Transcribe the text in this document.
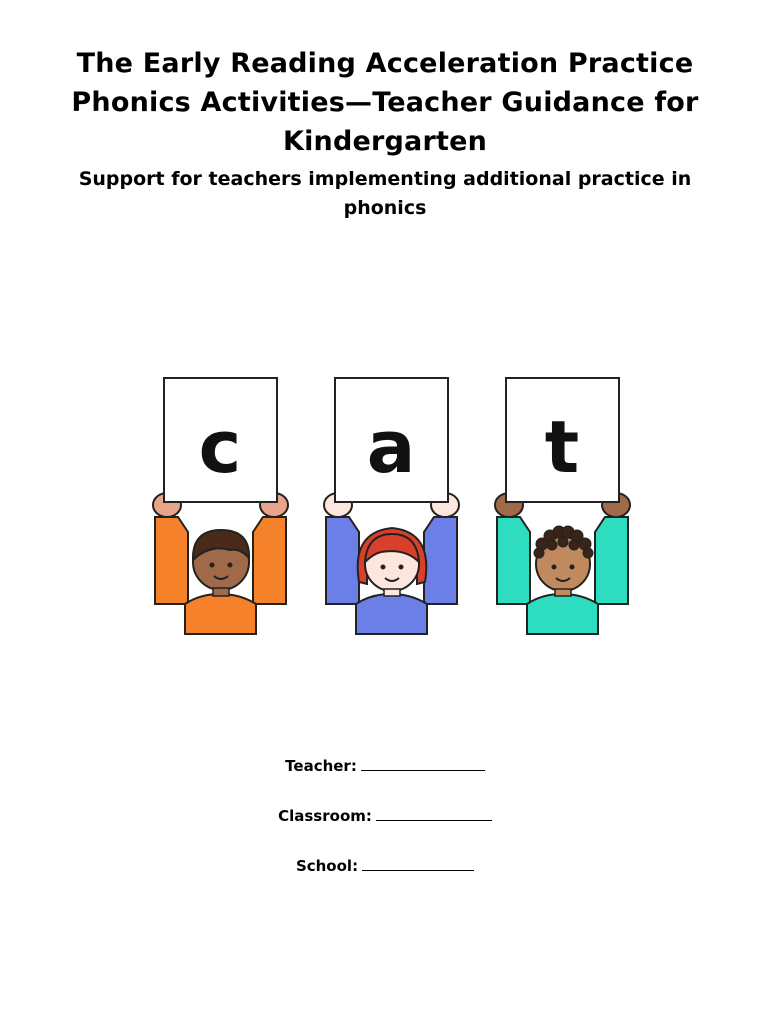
The Early Reading Acceleration Practice Phonics Activities—Teacher Guidance for Kindergarten

Support for teachers implementing additional practice in phonics

c a t
Teacher:
Classroom:
School:
